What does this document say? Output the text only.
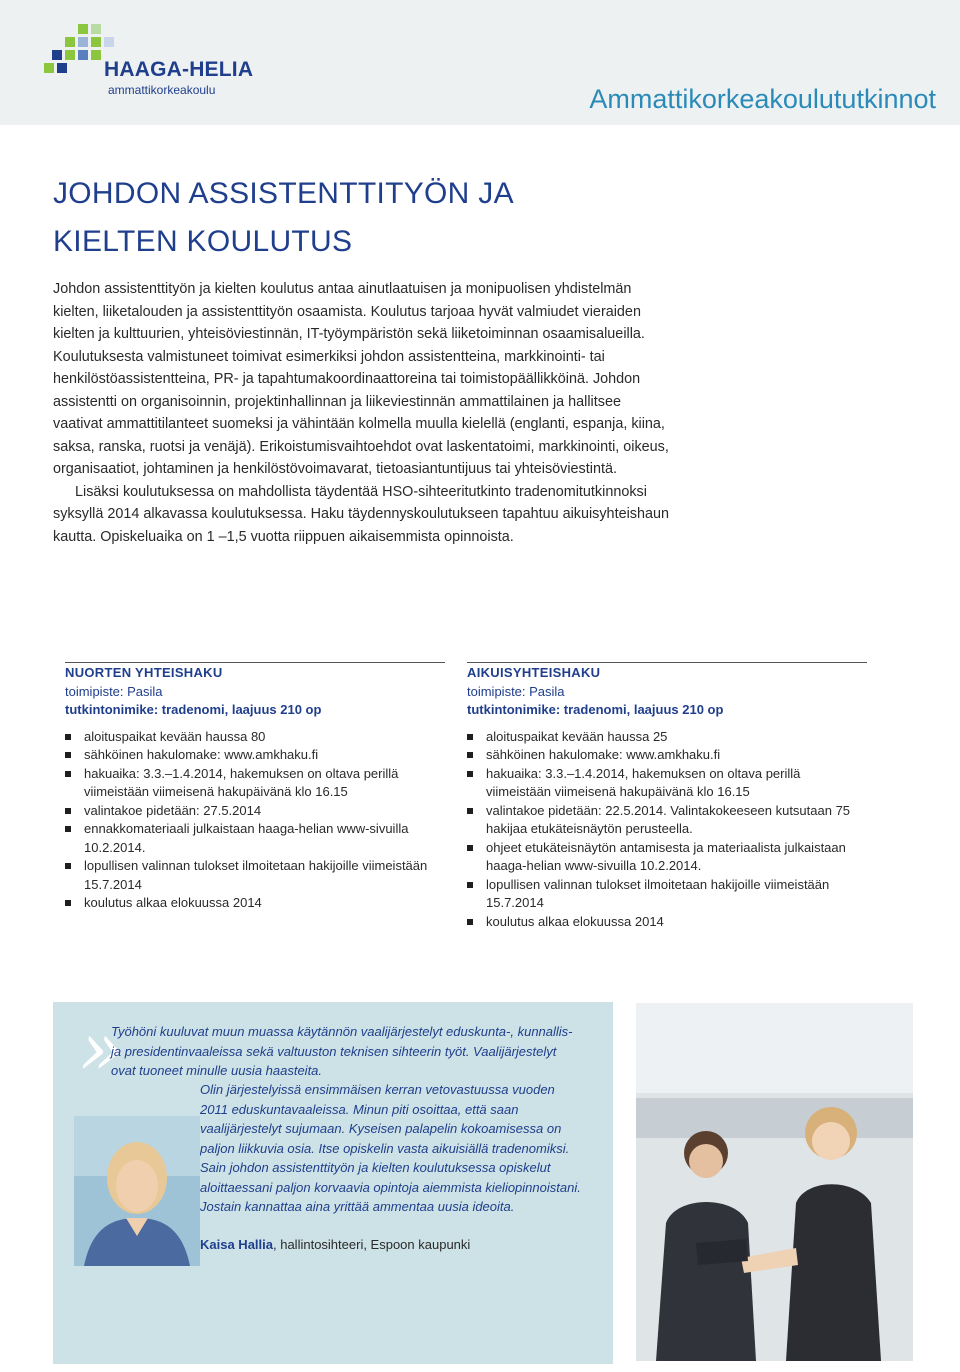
HAAGA-HELIA
ammattikorkeakoulu	Ammattikorkeakoulututkinnot
JOHDON ASSISTENTTITYÖN JA
KIELTEN KOULUTUS

Johdon assistenttityön ja kielten koulutus antaa ainutlaatuisen ja monipuolisen yhdistelmän kielten, liiketalouden ja assistenttityön osaamista. Koulutus tarjoaa hyvät valmiudet vieraiden kielten ja kulttuurien, yhteisöviestinnän, IT-työympäristön sekä liiketoiminnan osaamisalueilla. Koulutuksesta valmistuneet toimivat esimerkiksi johdon assistentteina, markkinointi- tai henkilöstöassistentteina, PR- ja tapahtumakoordinaattoreina tai toimistopäällikköinä. Johdon assistentti on organisoinnin, projektinhallinnan ja liikeviestinnän ammattilainen ja hallitsee vaativat ammattitilanteet suomeksi ja vähintään kolmella muulla kielellä (englanti, espanja, kiina, saksa, ranska, ruotsi ja venäjä). Erikoistumisvaihtoehdot ovat laskentatoimi, markkinointi, oikeus, organisaatiot, johtaminen ja henkilöstövoimavarat, tietoasiantuntijuus tai yhteisöviestintä.

Lisäksi koulutuksessa on mahdollista täydentää HSO-sihteeritutkinto tradenomitutkinnoksi syksyllä 2014 alkavassa koulutuksessa. Haku täydennyskoulutukseen tapahtuu aikuisyhteishaun kautta. Opiskeluaika on 1 –1,5 vuotta riippuen aikaisemmista opinnoista.

NUORTEN YHTEISHAKU
toimipiste: Pasila
tutkintonimike: tradenomi, laajuus 210 op
aloituspaikat kevään haussa 80
sähköinen hakulomake: www.amkhaku.fi
hakuaika: 3.3.–1.4.2014, hakemuksen on oltava perillä viimeistään viimeisenä hakupäivänä klo 16.15
valintakoe pidetään: 27.5.2014
ennakkomateriaali julkaistaan haaga-helian www-sivuilla 10.2.2014.
lopullisen valinnan tulokset ilmoitetaan hakijoille viimeistään 15.7.2014
koulutus alkaa elokuussa 2014
AIKUISYHTEISHAKU
toimipiste: Pasila
tutkintonimike: tradenomi, laajuus 210 op
aloituspaikat kevään haussa 25
sähköinen hakulomake: www.amkhaku.fi
hakuaika: 3.3.–1.4.2014, hakemuksen on oltava perillä viimeistään viimeisenä hakupäivänä klo 16.15
valintakoe pidetään: 22.5.2014. Valintakokeeseen kutsutaan 75 hakijaa etukäteisnäytön perusteella.
ohjeet etukäteisnäytön antamisesta ja materiaalista julkaistaan haaga-helian www-sivuilla 10.2.2014.
lopullisen valinnan tulokset ilmoitetaan hakijoille viimeistään 15.7.2014
koulutus alkaa elokuussa 2014
»
Työhöni kuuluvat muun muassa käytännön vaalijärjestelyt eduskunta-, kunnallis- ja presidentinvaaleissa sekä valtuuston teknisen sihteerin työt. Vaalijärjestelyt ovat tuoneet minulle uusia haasteita.
Olin järjestelyissä ensimmäisen kerran vetovastuussa vuoden 2011 eduskuntavaaleissa. Minun piti osoittaa, että saan vaalijärjestelyt sujumaan. Kyseisen palapelin kokoamisessa on paljon liikkuvia osia. Itse opiskelin vasta aikuisiällä tradenomiksi. Sain johdon assistenttityön ja kielten koulutuksessa opiskelut aloittaessani paljon korvaavia opintoja aiemmista kieliopinnoistani. Jostain kannattaa aina yrittää ammentaa uusia ideoita.
Kaisa Hallia, hallintosihteeri, Espoon kaupunki
